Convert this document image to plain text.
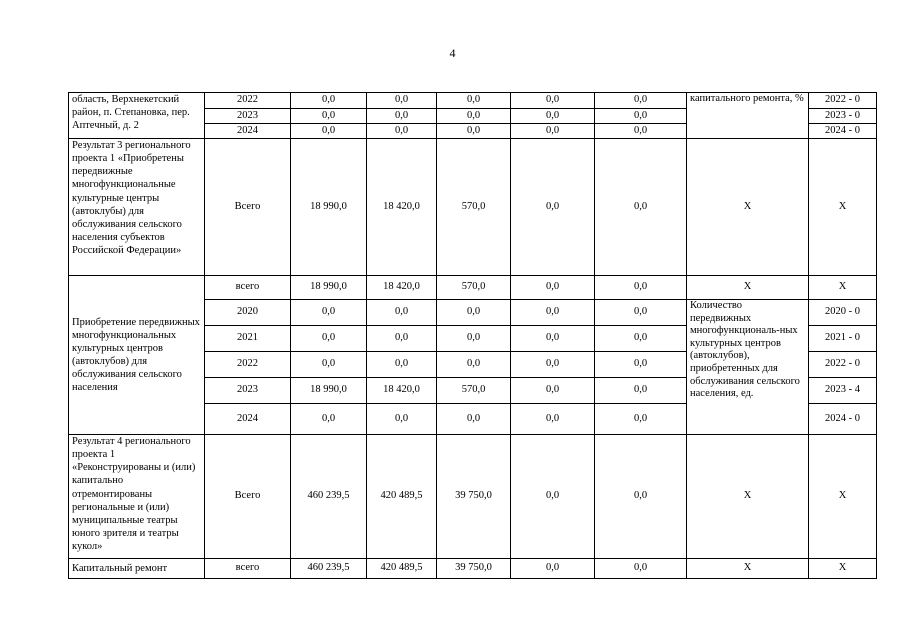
4
область, Верхнекетский район, п. Степановка, пер. Аптечный, д. 2	2022	0,0	0,0	0,0	0,0	0,0	капитального ремонта, %	2022 - 0
	2023	0,0	0,0	0,0	0,0	0,0		2023 - 0
	2024	0,0	0,0	0,0	0,0	0,0		2024 - 0
Результат 3 регионального проекта 1 «Приобретены передвижные многофункциональные культурные центры (автоклубы) для обслуживания сельского населения субъектов Российской Федерации»	Всего	18 990,0	18 420,0	570,0	0,0	0,0	X	X
Приобретение передвижных многофункциональных культурных центров (автоклубов) для обслуживания сельского населения	всего	18 990,0	18 420,0	570,0	0,0	0,0	X	X
	2020	0,0	0,0	0,0	0,0	0,0	Количество передвижных многофункциональ-ных культурных центров (автоклубов), приобретенных для обслуживания сельского населения, ед.	2020 - 0
	2021	0,0	0,0	0,0	0,0	0,0		2021 - 0
	2022	0,0	0,0	0,0	0,0	0,0		2022 - 0
	2023	18 990,0	18 420,0	570,0	0,0	0,0		2023 - 4
	2024	0,0	0,0	0,0	0,0	0,0		2024 - 0
Результат 4 регионального проекта 1 «Реконструированы и (или) капитально отремонтированы региональные и (или) муниципальные театры юного зрителя и театры кукол»	Всего	460 239,5	420 489,5	39 750,0	0,0	0,0	X	X
Капитальный ремонт	всего	460 239,5	420 489,5	39 750,0	0,0	0,0	X	X
